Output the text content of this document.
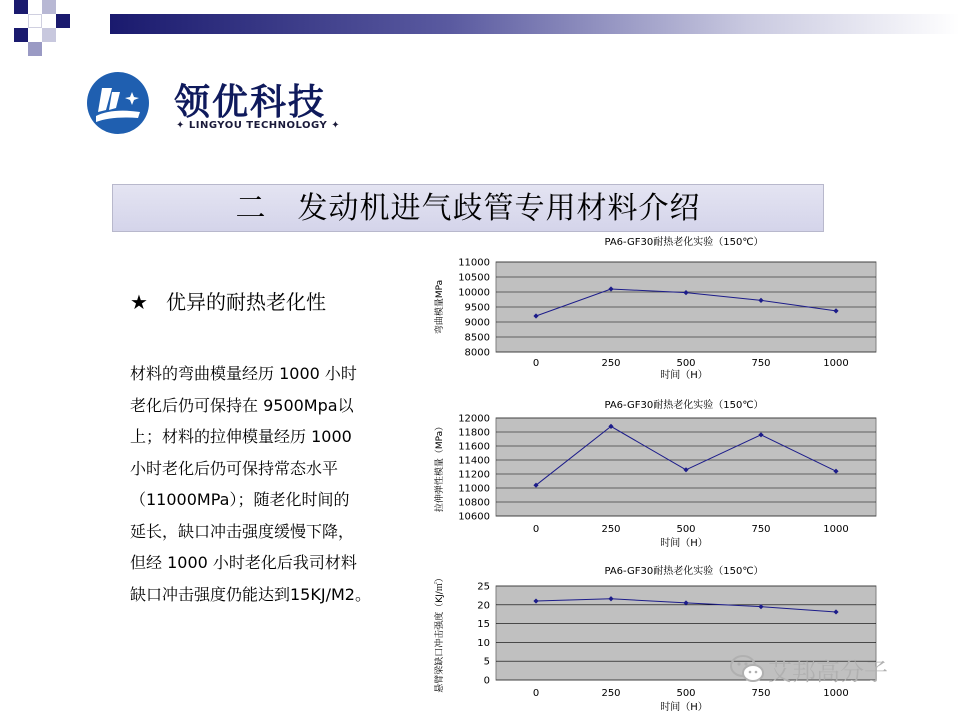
领优科技
✦ LINGYOU TECHNOLOGY ✦
二　发动机进气歧管专用材料介绍
★ 优异的耐热老化性
材料的弯曲模量经历 1000 小时
老化后仍可保持在 9500Mpa以
上；材料的拉伸模量经历 1000
小时老化后仍可保持常态水平
（11000MPa）；随老化时间的
延长，缺口冲击强度缓慢下降，
但经 1000 小时老化后我司材料
缺口冲击强度仍能达到15KJ/M2。
PA6-GF30耐热老化实验（150℃）
8000
8500
9000
9500
10000
10500
11000
0	250	500	750	1000
时间（H）
弯曲模量MPa
PA6-GF30耐热老化实验（150℃）
10600
10800
11000
11200
11400
11600
11800
12000
0	250	500	750	1000
时间（H）
拉伸弹性模量（MPa）
PA6-GF30耐热老化实验（150℃）
0
5
10
15
20
25
0	250	500	750	1000
时间（H）
悬臂梁缺口冲击强度（KJ/㎡）	艾邦高分子
